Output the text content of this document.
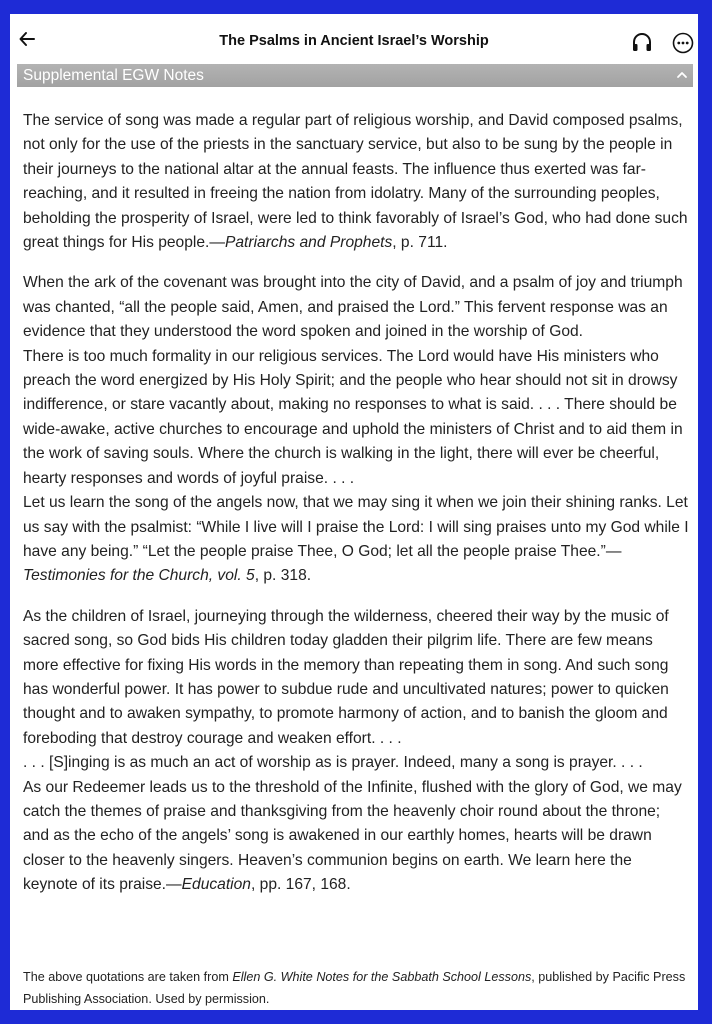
The Psalms in Ancient Israel’s Worship
Supplemental EGW Notes

The service of song was made a regular part of religious worship, and David composed psalms, not only for the use of the priests in the sanctuary service, but also to be sung by the people in their journeys to the national altar at the annual feasts. The influence thus exerted was far-reaching, and it resulted in freeing the nation from idolatry. Many of the surrounding peoples, beholding the prosperity of Israel, were led to think favorably of Israel’s God, who had done such great things for His people.—Patriarchs and Prophets, p. 711.

When the ark of the covenant was brought into the city of David, and a psalm of joy and triumph was chanted, “all the people said, Amen, and praised the Lord.” This fervent response was an evidence that they understood the word spoken and joined in the worship of God.

There is too much formality in our religious services. The Lord would have His ministers who preach the word energized by His Holy Spirit; and the people who hear should not sit in drowsy indifference, or stare vacantly about, making no responses to what is said. . . . There should be wide-awake, active churches to encourage and uphold the ministers of Christ and to aid them in the work of saving souls. Where the church is walking in the light, there will ever be cheerful, hearty responses and words of joyful praise. . . .

Let us learn the song of the angels now, that we may sing it when we join their shining ranks. Let us say with the psalmist: “While I live will I praise the Lord: I will sing praises unto my God while I have any being.” “Let the people praise Thee, O God; let all the people praise Thee.”—Testimonies for the Church, vol. 5, p. 318.

As the children of Israel, journeying through the wilderness, cheered their way by the music of sacred song, so God bids His children today gladden their pilgrim life. There are few means more effective for fixing His words in the memory than repeating them in song. And such song has wonderful power. It has power to subdue rude and uncultivated natures; power to quicken thought and to awaken sympathy, to promote harmony of action, and to banish the gloom and foreboding that destroy courage and weaken effort. . . .

. . . [S]inging is as much an act of worship as is prayer. Indeed, many a song is prayer. . . .

As our Redeemer leads us to the threshold of the Infinite, flushed with the glory of God, we may catch the themes of praise and thanksgiving from the heavenly choir round about the throne; and as the echo of the angels’ song is awakened in our earthly homes, hearts will be drawn closer to the heavenly singers. Heaven’s communion begins on earth. We learn here the keynote of its praise.—Education, pp. 167, 168.

The above quotations are taken from Ellen G. White Notes for the Sabbath School Lessons, published by Pacific Press Publishing Association. Used by permission.
